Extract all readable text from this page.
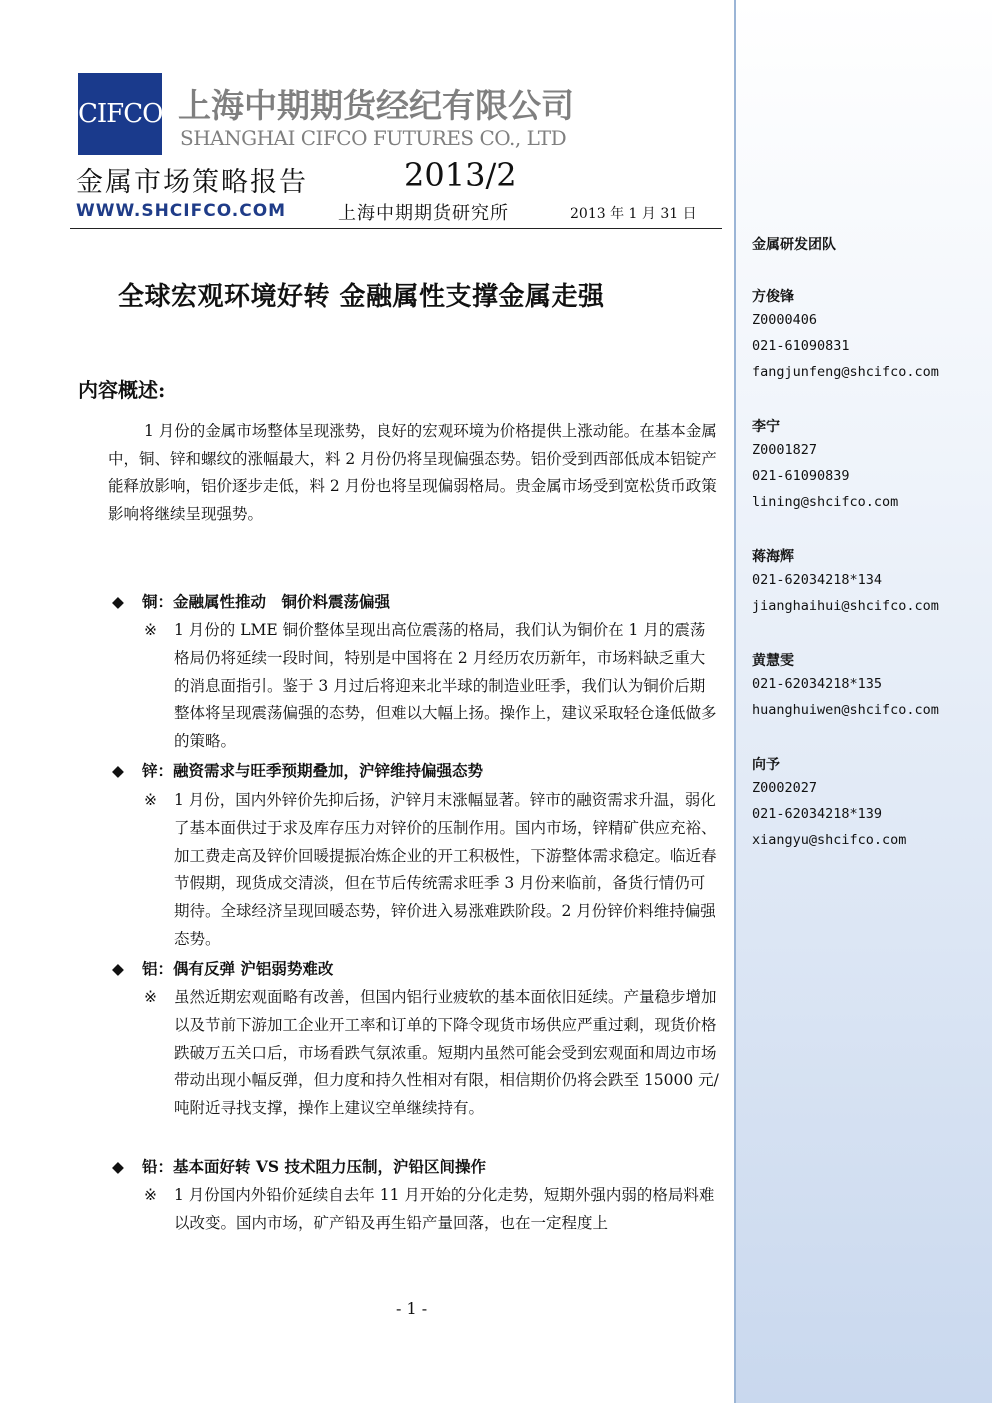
CIFCO 上海中期期货经纪有限公司
SHANGHAI CIFCO FUTURES CO., LTD
金属市场策略报告	2013/2
WWW.SHCIFCO.COM	上海中期期货研究所	2013 年 1 月 31 日
全球宏观环境好转 金融属性支撑金属走强
内容概述:
1 月份的金属市场整体呈现涨势，良好的宏观环境为价格提供上涨动能。在基本金属中，铜、锌和螺纹的涨幅最大，料 2 月份仍将呈现偏强态势。铝价受到西部低成本铝锭产能释放影响，铝价逐步走低，料 2 月份也将呈现偏弱格局。贵金属市场受到宽松货币政策影响将继续呈现强势。
◆ 铜：金融属性推动　铜价料震荡偏强
※ 1 月份的 LME 铜价整体呈现出高位震荡的格局，我们认为铜价在 1 月的震荡格局仍将延续一段时间，特别是中国将在 2 月经历农历新年，市场料缺乏重大的消息面指引。鉴于 3 月过后将迎来北半球的制造业旺季，我们认为铜价后期整体将呈现震荡偏强的态势，但难以大幅上扬。操作上，建议采取轻仓逢低做多的策略。
◆ 锌：融资需求与旺季预期叠加，沪锌维持偏强态势
※ 1 月份，国内外锌价先抑后扬，沪锌月末涨幅显著。锌市的融资需求升温，弱化了基本面供过于求及库存压力对锌价的压制作用。国内市场，锌精矿供应充裕、加工费走高及锌价回暖提振冶炼企业的开工积极性，下游整体需求稳定。临近春节假期，现货成交清淡，但在节后传统需求旺季 3 月份来临前，备货行情仍可期待。全球经济呈现回暖态势，锌价进入易涨难跌阶段。2 月份锌价料维持偏强态势。
◆ 铝：偶有反弹 沪铝弱势难改
※ 虽然近期宏观面略有改善，但国内铝行业疲软的基本面依旧延续。产量稳步增加以及节前下游加工企业开工率和订单的下降令现货市场供应严重过剩，现货价格跌破万五关口后，市场看跌气氛浓重。短期内虽然可能会受到宏观面和周边市场带动出现小幅反弹，但力度和持久性相对有限，相信期价仍将会跌至 15000 元/吨附近寻找支撑，操作上建议空单继续持有。
◆ 铅：基本面好转 VS 技术阻力压制，沪铅区间操作
※ 1 月份国内外铅价延续自去年 11 月开始的分化走势，短期外强内弱的格局料难以改变。国内市场，矿产铅及再生铅产量回落，也在一定程度上
- 1 -
金属研发团队
方俊锋
Z0000406
021-61090831
fangjunfeng@shcifco.com
李宁
Z0001827
021-61090839
lining@shcifco.com
蒋海辉
021-62034218*134
jianghaihui@shcifco.com
黄慧雯
021-62034218*135
huanghuiwen@shcifco.com
向予
Z0002027
021-62034218*139
xiangyu@shcifco.com
